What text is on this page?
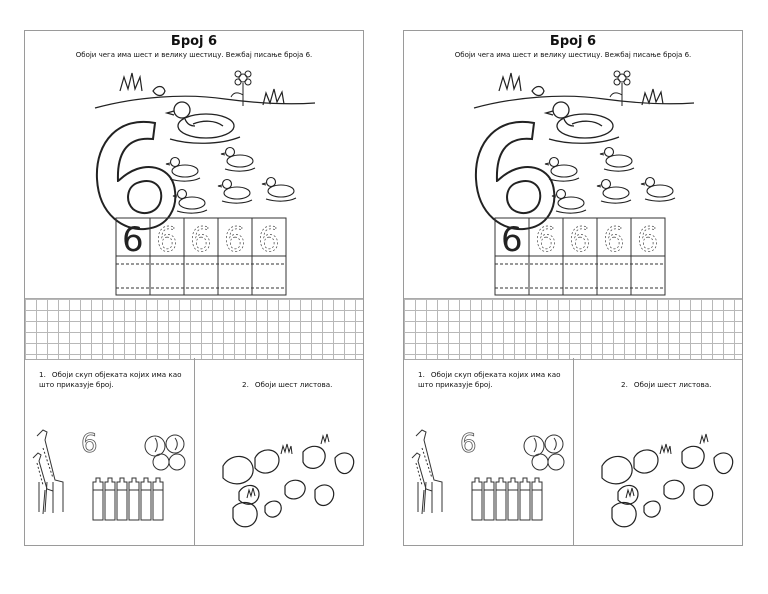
Број 6
Обоји чега има шест и велику шестицу. Вежбај писање броја 6.
6 6 6 6 6
1. Обоји скуп објеката којих има као што приказује број.
6
2. Обоји шест листова.
Број 6
Обоји чега има шест и велику шестицу. Вежбај писање броја 6.
6 6 6 6 6
1. Обоји скуп објеката којих има као што приказује број.
6
2. Обоји шест листова.
